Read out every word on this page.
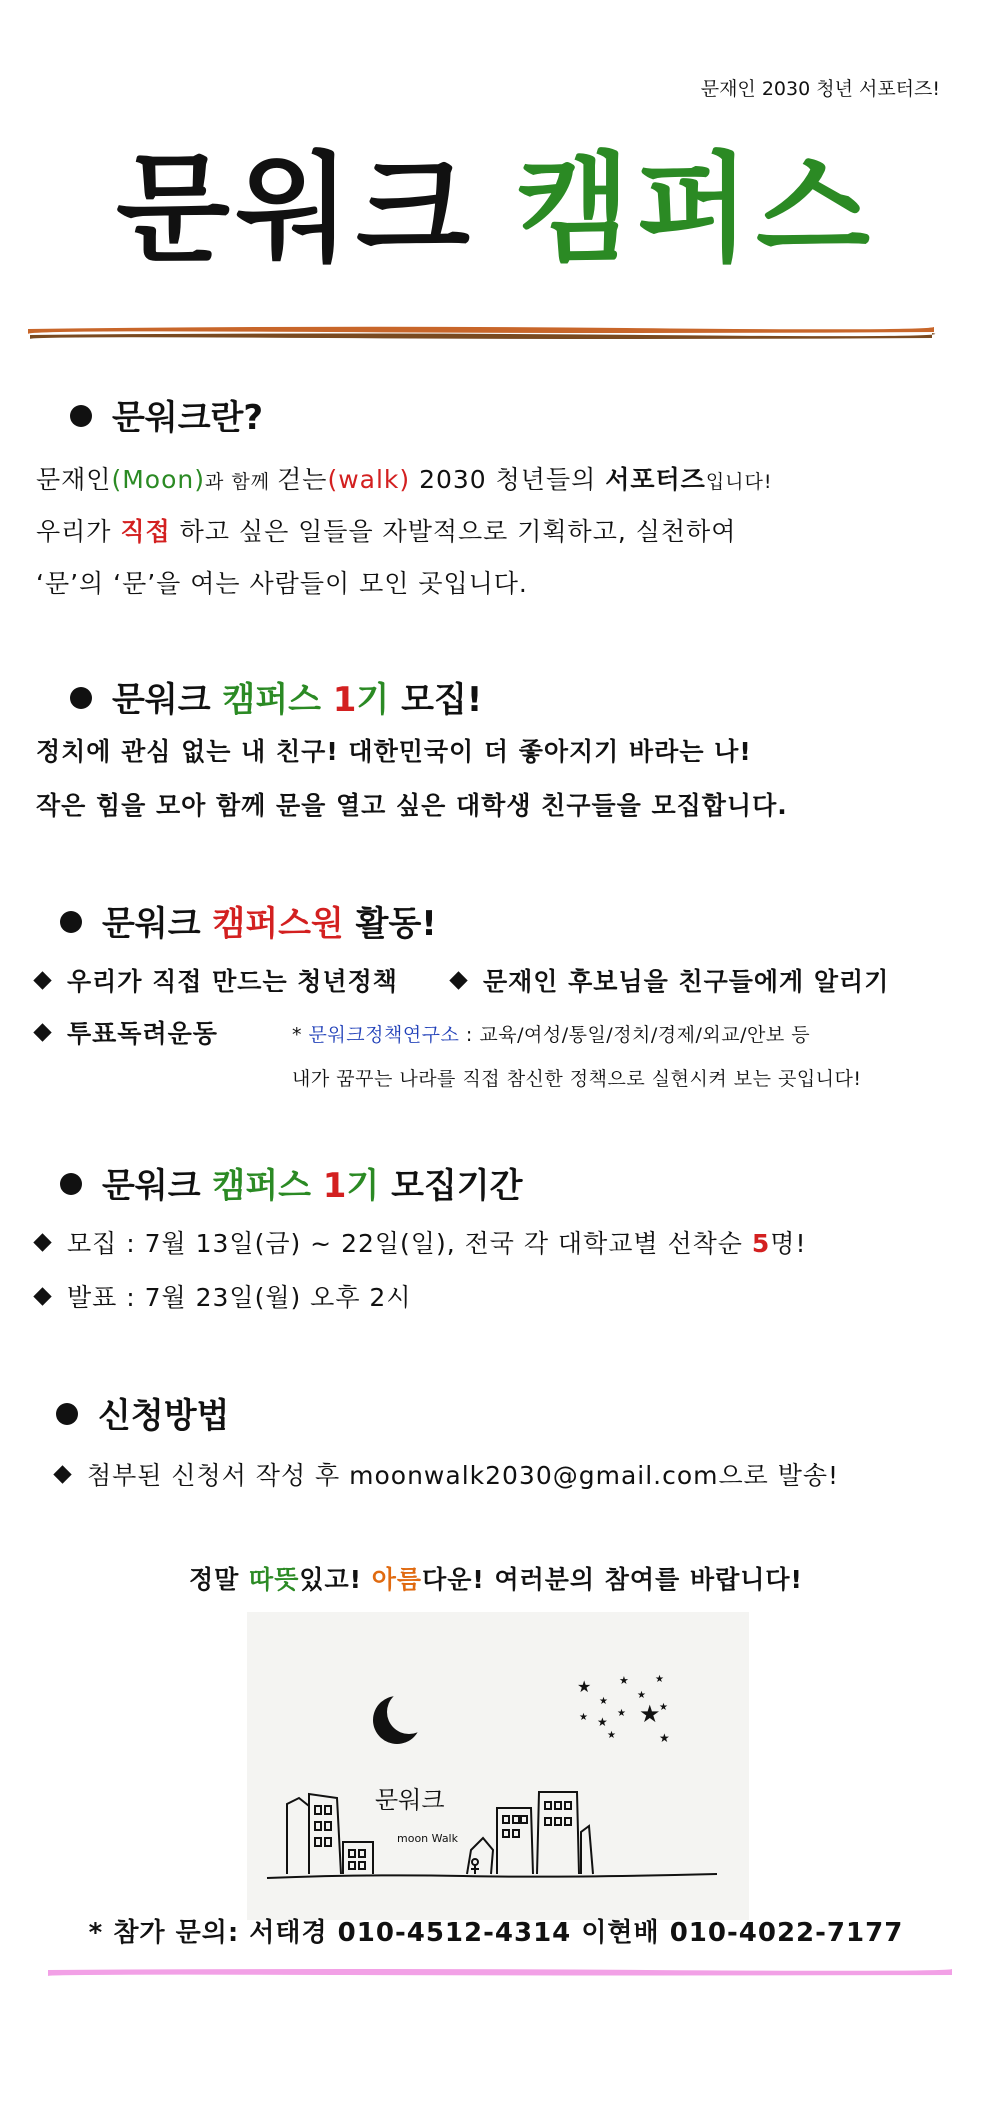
문재인 2030 청년 서포터즈!
문워크 캠퍼스
문워크란?
문재인(Moon)과 함께 걷는(walk) 2030 청년들의 서포터즈입니다!
우리가 직접 하고 싶은 일들을 자발적으로 기획하고, 실천하여
‘문’의 ‘문’을 여는 사람들이 모인 곳입니다.
문워크 캠퍼스 1기 모집!
정치에 관심 없는 내 친구! 대한민국이 더 좋아지기 바라는 나!
작은 힘을 모아 함께 문을 열고 싶은 대학생 친구들을 모집합니다.
문워크 캠퍼스원 활동!
우리가 직접 만드는 청년정책	문재인 후보님을 친구들에게 알리기
투표독려운동	* 문워크정책연구소 : 교육/여성/통일/정치/경제/외교/안보 등
내가 꿈꾸는 나라를 직접 참신한 정책으로 실현시켜 보는 곳입니다!
문워크 캠퍼스 1기 모집기간
모집 : 7월 13일(금) ~ 22일(일), 전국 각 대학교별 선착순 5명!
발표 : 7월 23일(월) 오후 2시
신청방법
첨부된 신청서 작성 후 moonwalk2030@gmail.com으로 발송!
정말 따뜻있고! 아름다운! 여러분의 참여를 바랍니다!
★
★
★
★
★
★ ★
★ ★
★
★	★
문워크
moon Walk
* 참가 문의: 서태경 010-4512-4314 이현배 010-4022-7177
